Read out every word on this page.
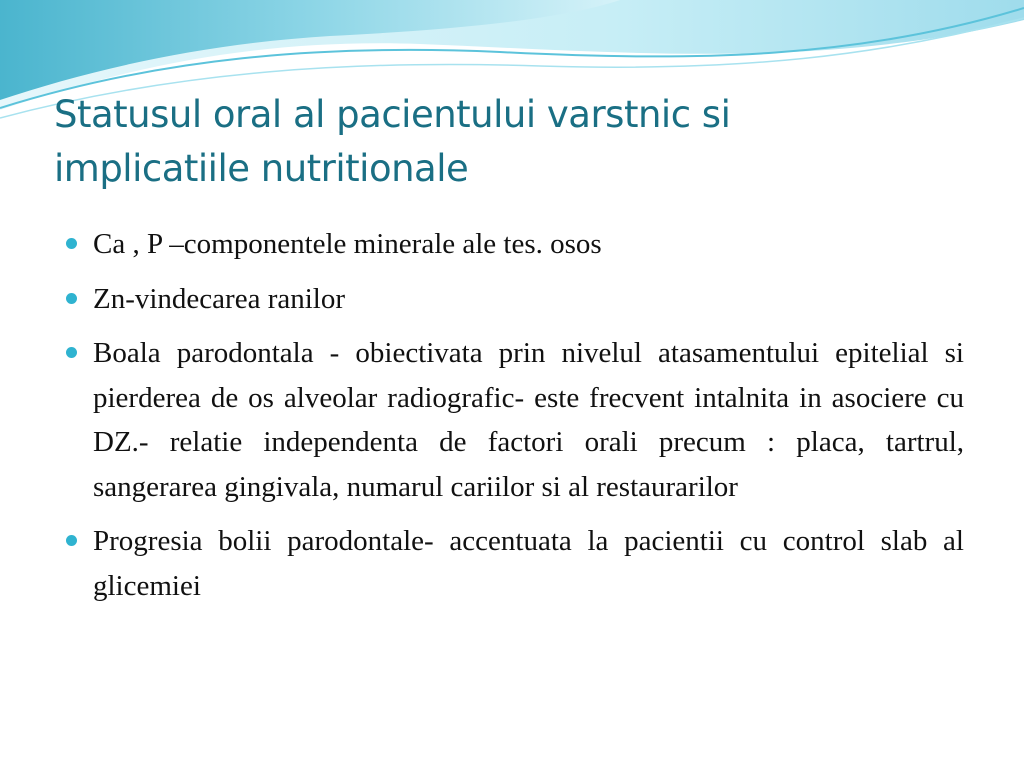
Statusul oral al pacientului varstnic si
implicatiile nutritionale
Ca , P –componentele minerale ale tes. osos
Zn-vindecarea ranilor
Boala parodontala - obiectivata prin nivelul atasamentului epitelial si pierderea de os alveolar radiografic- este frecvent intalnita in asociere cu DZ.- relatie independenta de factori orali precum : placa, tartrul, sangerarea gingivala, numarul cariilor si al restaurarilor
Progresia bolii parodontale- accentuata la pacientii cu control slab al glicemiei
